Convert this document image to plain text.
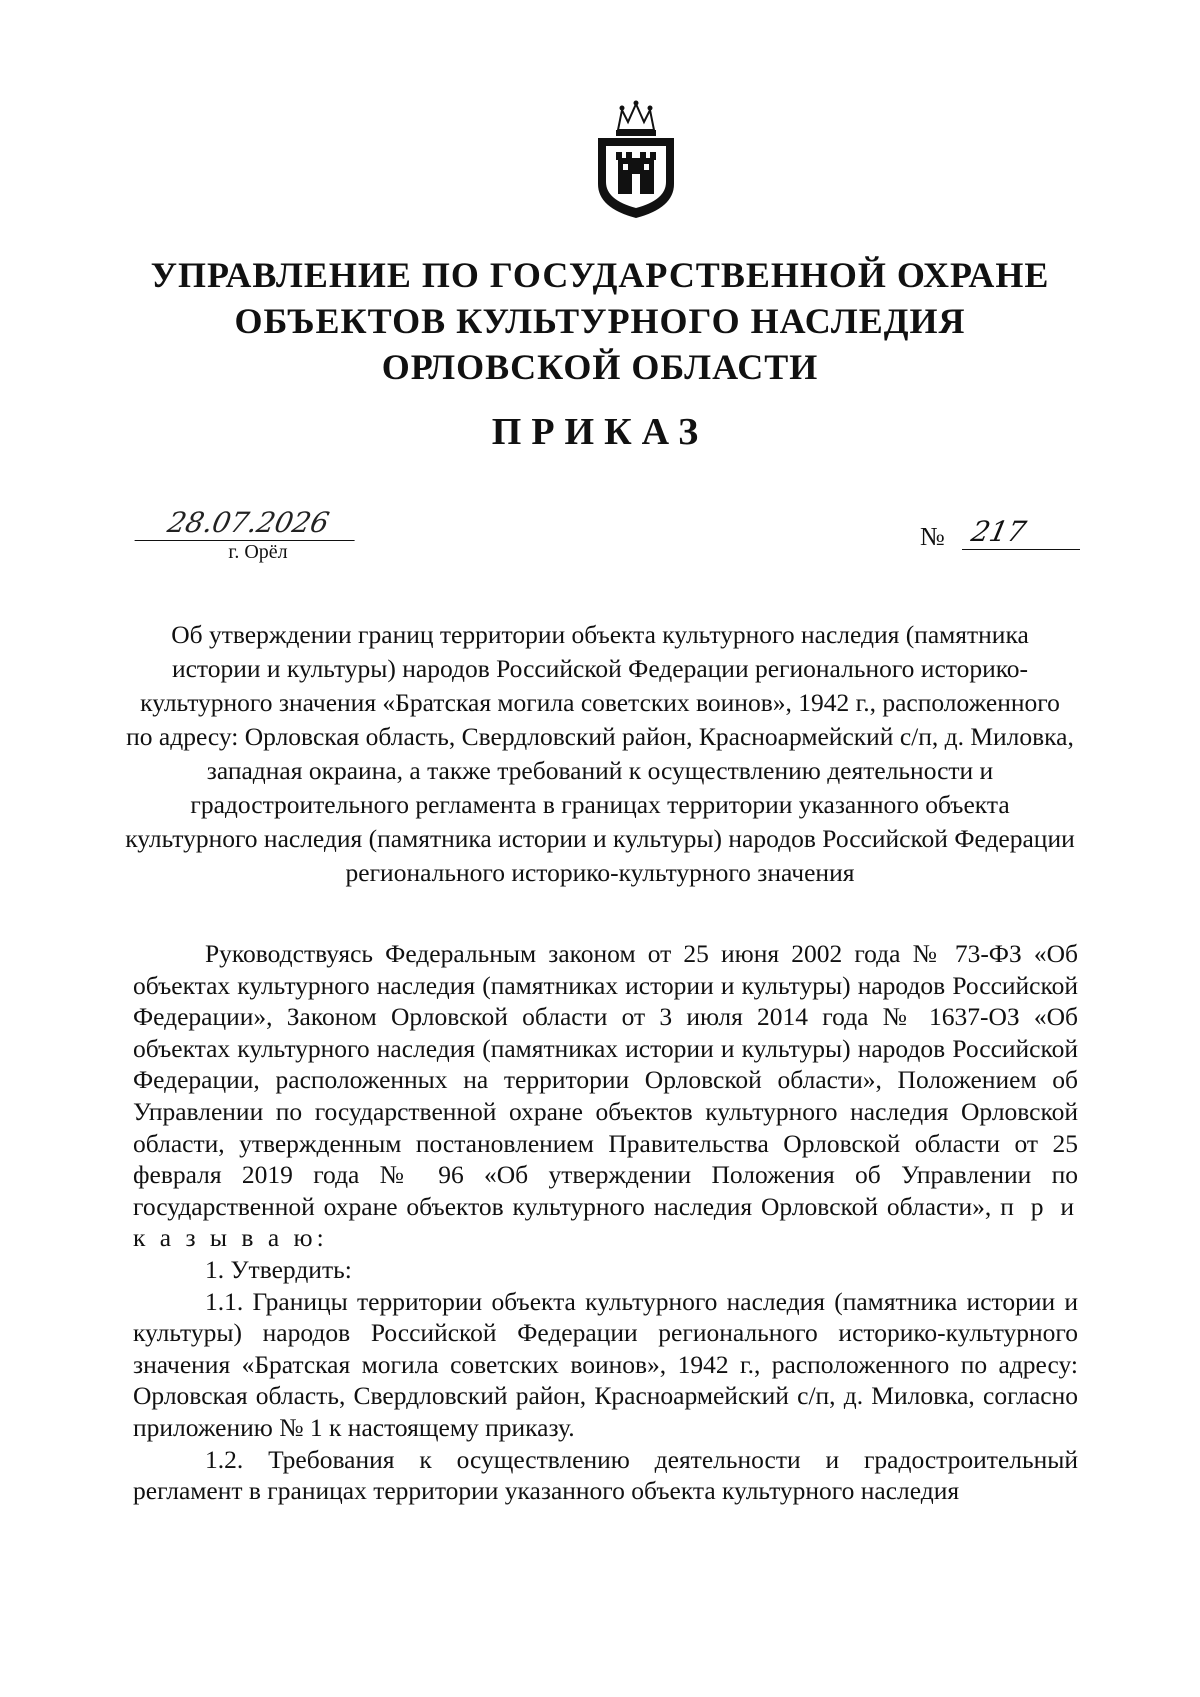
УПРАВЛЕНИЕ ПО ГОСУДАРСТВЕННОЙ ОХРАНЕ
ОБЪЕКТОВ КУЛЬТУРНОГО НАСЛЕДИЯ
ОРЛОВСКОЙ ОБЛАСТИ
ПРИКАЗ
28.07.2026
г. Орёл
№ 217
Об утверждении границ территории объекта культурного наследия (памятника истории и культуры) народов Российской Федерации регионального историко-культурного значения «Братская могила советских воинов», 1942 г., расположенного по адресу: Орловская область, Свердловский район, Красноармейский с/п, д. Миловка, западная окраина, а также требований к осуществлению деятельности и градостроительного регламента в границах территории указанного объекта культурного наследия (памятника истории и культуры) народов Российской Федерации регионального историко-культурного значения

Руководствуясь Федеральным законом от 25 июня 2002 года № 73-ФЗ «Об объектах культурного наследия (памятниках истории и культуры) народов Российской Федерации», Законом Орловской области от 3 июля 2014 года № 1637-ОЗ «Об объектах культурного наследия (памятниках истории и культуры) народов Российской Федерации, расположенных на территории Орловской области», Положением об Управлении по государственной охране объектов культурного наследия Орловской области, утвержденным постановлением Правительства Орловской области от 25 февраля 2019 года № 96 «Об утверждении Положения об Управлении по государственной охране объектов культурного наследия Орловской области», п р и к а з ы в а ю:

1. Утвердить:

1.1. Границы территории объекта культурного наследия (памятника истории и культуры) народов Российской Федерации регионального историко-культурного значения «Братская могила советских воинов», 1942 г., расположенного по адресу: Орловская область, Свердловский район, Красноармейский с/п, д. Миловка, согласно приложению № 1 к настоящему приказу.

1.2. Требования к осуществлению деятельности и градостроительный регламент в границах территории указанного объекта культурного наследия
